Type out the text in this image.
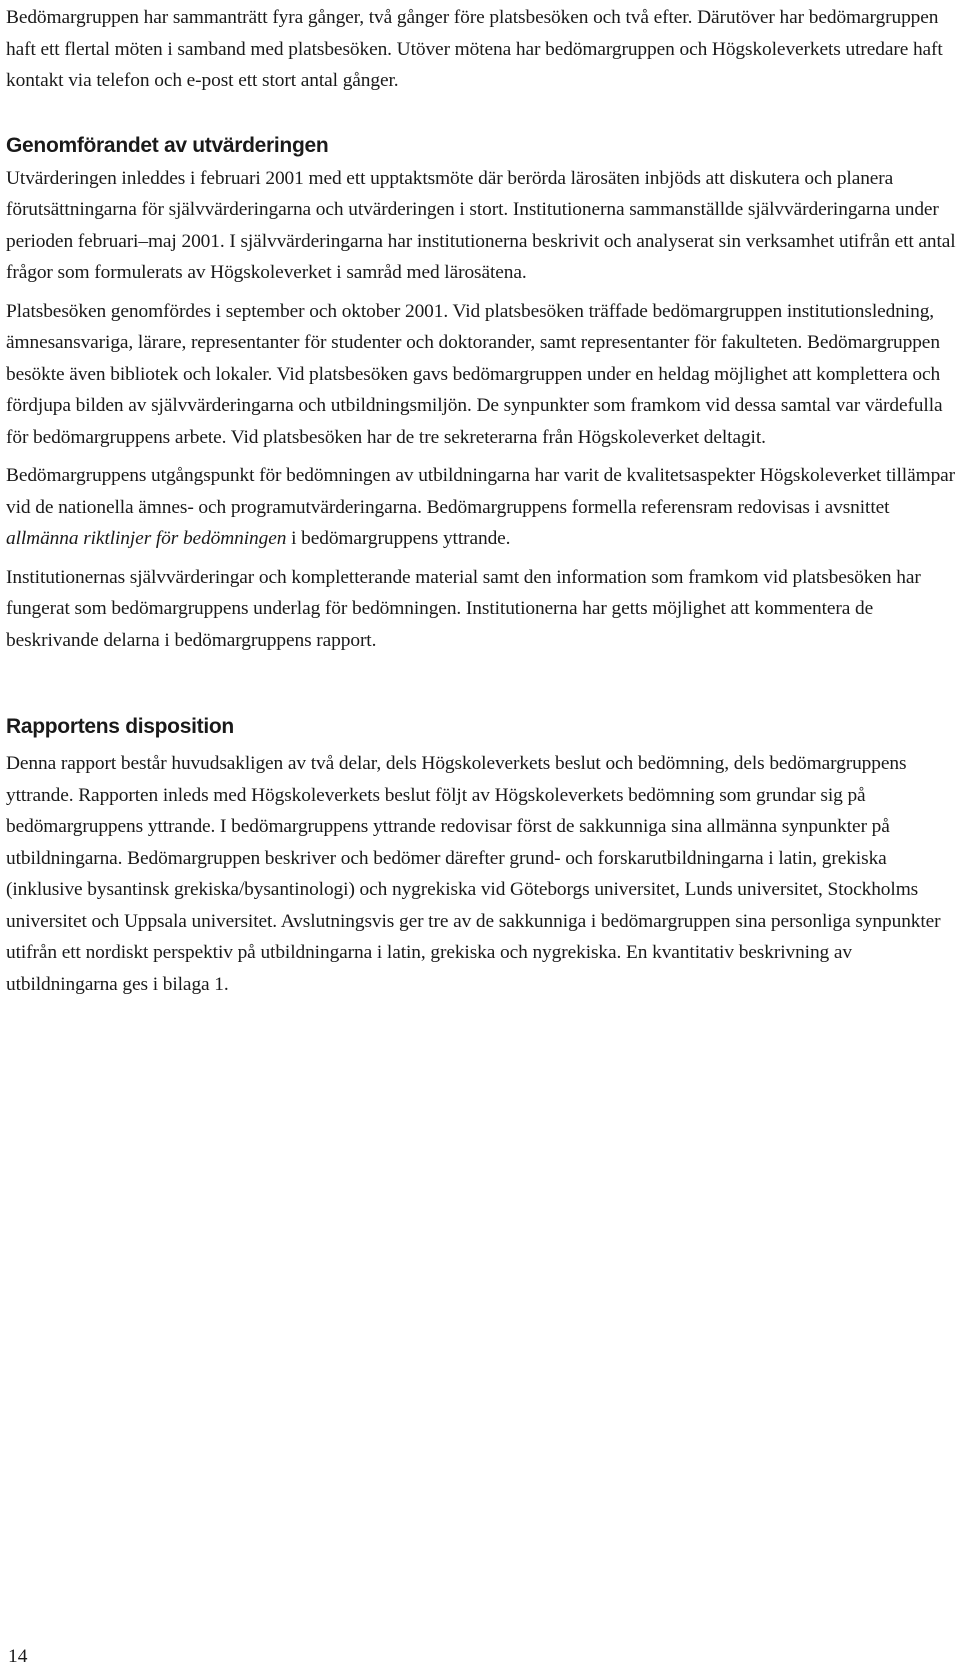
Bedömargruppen har sammanträtt fyra gånger, två gånger före platsbesöken och två efter. Därutöver har bedömargruppen haft ett flertal möten i samband med platsbesöken. Utöver mötena har bedömargruppen och Högskoleverkets utredare haft kontakt via telefon och e-post ett stort antal gånger.

Genomförandet av utvärderingen

Utvärderingen inleddes i februari 2001 med ett upptaktsmöte där berörda lärosäten inbjöds att diskutera och planera förutsättningarna för självvärderingarna och utvärderingen i stort. Institutionerna sammanställde självvärderingarna under perioden februari–maj 2001. I självvärderingarna har institutionerna beskrivit och analyserat sin verksamhet utifrån ett antal frågor som formulerats av Högskoleverket i samråd med lärosätena.

Platsbesöken genomfördes i september och oktober 2001. Vid platsbesöken träffade bedömargruppen institutionsledning, ämnesansvariga, lärare, representanter för studenter och doktorander, samt representanter för fakulteten. Bedömargruppen besökte även bibliotek och lokaler. Vid platsbesöken gavs bedömargruppen under en heldag möjlighet att komplettera och fördjupa bilden av självvärderingarna och utbildningsmiljön. De synpunkter som framkom vid dessa samtal var värdefulla för bedömargruppens arbete. Vid platsbesöken har de tre sekreterarna från Högskoleverket deltagit.

Bedömargruppens utgångspunkt för bedömningen av utbildningarna har varit de kvalitetsaspekter Högskoleverket tillämpar vid de nationella ämnes- och programutvärderingarna. Bedömargruppens formella referensram redovisas i avsnittet allmänna riktlinjer för bedömningen i bedömargruppens yttrande.

Institutionernas självvärderingar och kompletterande material samt den information som framkom vid platsbesöken har fungerat som bedömargruppens underlag för bedömningen. Institutionerna har getts möjlighet att kommentera de beskrivande delarna i bedömargruppens rapport.

Rapportens disposition

Denna rapport består huvudsakligen av två delar, dels Högskoleverkets beslut och bedömning, dels bedömargruppens yttrande. Rapporten inleds med Högskoleverkets beslut följt av Högskoleverkets bedömning som grundar sig på bedömargruppens yttrande. I bedömargruppens yttrande redovisar först de sakkunniga sina allmänna synpunkter på utbildningarna. Bedömargruppen beskriver och bedömer därefter grund- och forskarutbildningarna i latin, grekiska (inklusive bysantinsk grekiska/bysantinologi) och nygrekiska vid Göteborgs universitet, Lunds universitet, Stockholms universitet och Uppsala universitet. Avslutningsvis ger tre av de sakkunniga i bedömargruppen sina personliga synpunkter utifrån ett nordiskt perspektiv på utbildningarna i latin, grekiska och nygrekiska. En kvantitativ beskrivning av utbildningarna ges i bilaga 1.

14
